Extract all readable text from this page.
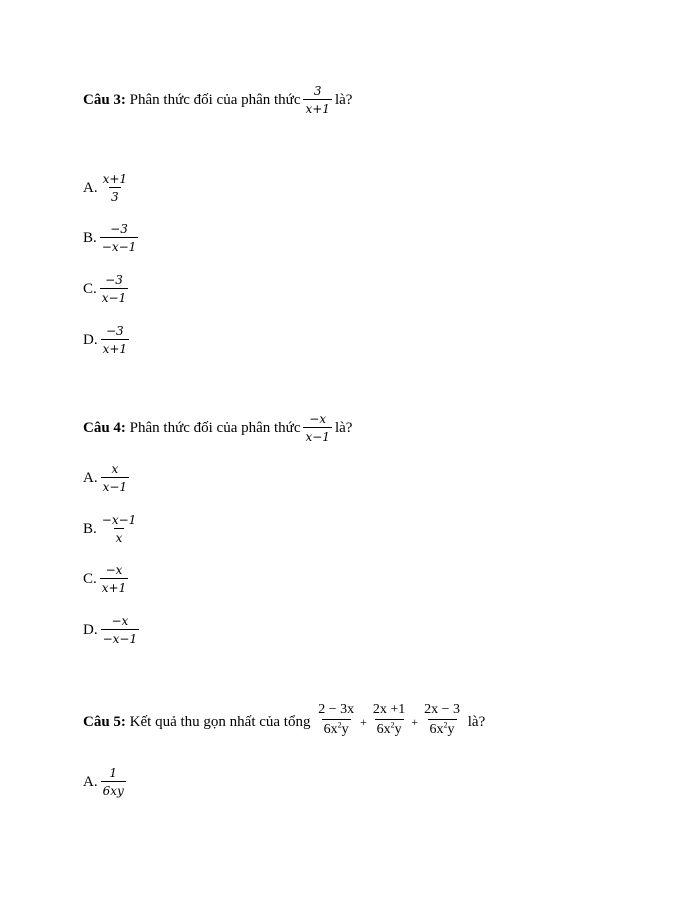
Câu 3:
Phân thức đối của phân thức $\frac{3}{x+1}$ là?
A. $\frac{x+1}{3}$
B. $\frac{-3}{-x-1}$
C. $\frac{-3}{x-1}$
D. $\frac{-3}{x+1}$
Câu 4:
Phân thức đối của phân thức $\frac{-x}{x-1}$ là?
A. $\frac{x}{x-1}$
B. $\frac{-x-1}{x}$
C. $\frac{-x}{x+1}$
D. $\frac{-x}{-x-1}$
Câu 5:
Kết quả thu gọn nhất của tổng
$\frac{2 - 3x}{6x^2y} + \frac{2x +1}{6x^2y} + \frac{2x - 3}{6x^2y}$
là?
A. $\frac{1}{6xy}$
